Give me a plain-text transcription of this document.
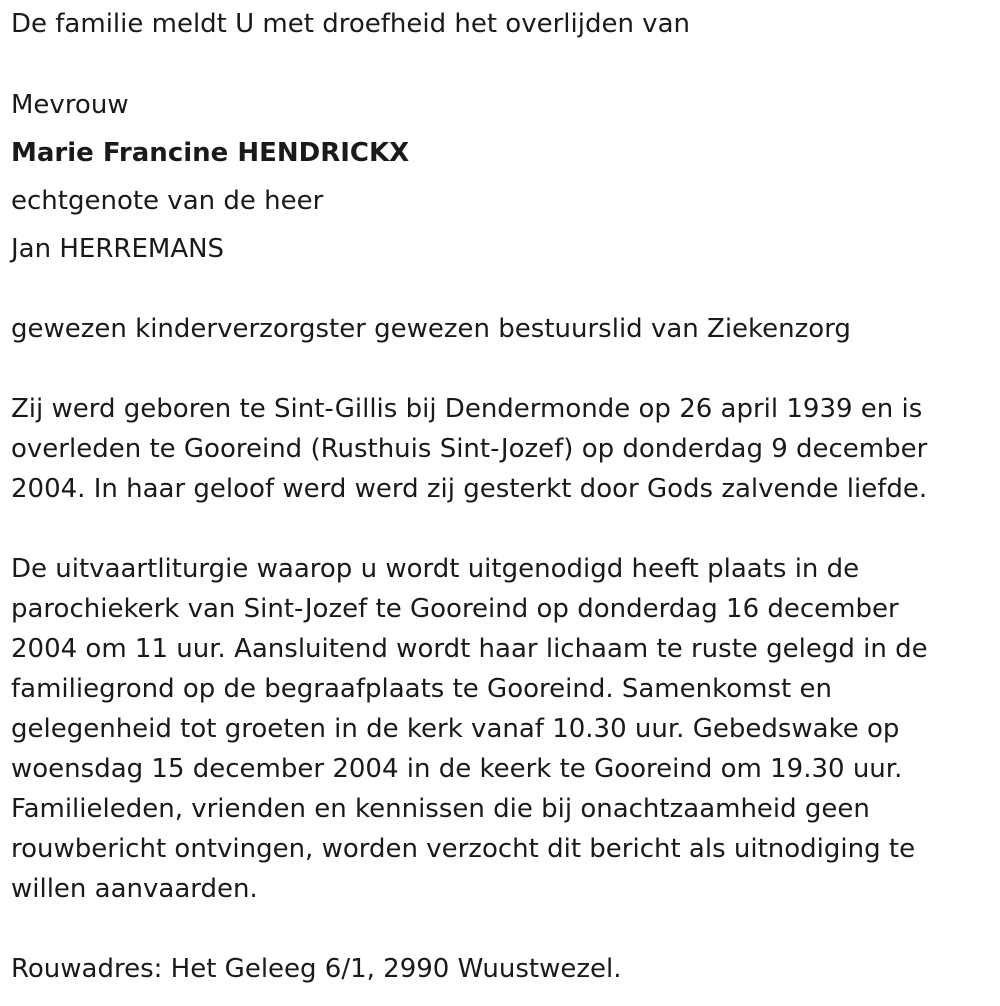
De familie meldt U met droefheid het overlijden van
Mevrouw
Marie Francine HENDRICKX
echtgenote van de heer
Jan HERREMANS
gewezen kinderverzorgster gewezen bestuurslid van Ziekenzorg
Zij werd geboren te Sint-Gillis bij Dendermonde op 26 april 1939 en is
overleden te Gooreind (Rusthuis Sint-Jozef) op donderdag 9 december
2004. In haar geloof werd werd zij gesterkt door Gods zalvende liefde.
De uitvaartliturgie waarop u wordt uitgenodigd heeft plaats in de
parochiekerk van Sint-Jozef te Gooreind op donderdag 16 december
2004 om 11 uur. Aansluitend wordt haar lichaam te ruste gelegd in de
familiegrond op de begraafplaats te Gooreind. Samenkomst en
gelegenheid tot groeten in de kerk vanaf 10.30 uur. Gebedswake op
woensdag 15 december 2004 in de keerk te Gooreind om 19.30 uur.
Familieleden, vrienden en kennissen die bij onachtzaamheid geen
rouwbericht ontvingen, worden verzocht dit bericht als uitnodiging te
willen aanvaarden.
Rouwadres: Het Geleeg 6/1, 2990 Wuustwezel.
